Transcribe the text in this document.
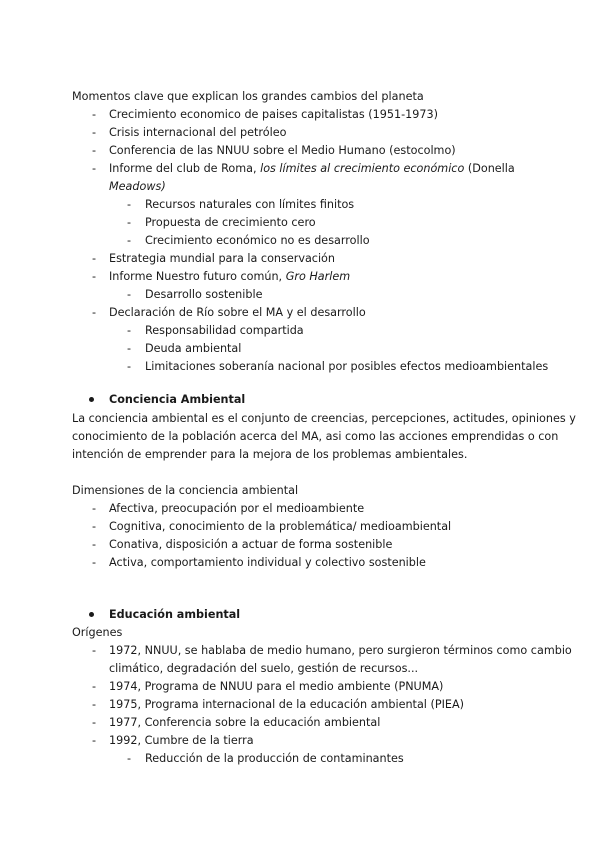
Momentos clave que explican los grandes cambios del planeta
- Crecimiento economico de paises capitalistas (1951-1973)
- Crisis internacional del petróleo
- Conferencia de las NNUU sobre el Medio Humano (estocolmo)
- Informe del club de Roma, los límites al crecimiento económico (Donella
Meadows)
- Recursos naturales con límites finitos
- Propuesta de crecimiento cero
- Crecimiento económico no es desarrollo
- Estrategia mundial para la conservación
- Informe Nuestro futuro común, Gro Harlem
- Desarrollo sostenible
- Declaración de Río sobre el MA y el desarrollo
- Responsabilidad compartida
- Deuda ambiental
- Limitaciones soberanía nacional por posibles efectos medioambientales
Conciencia Ambiental
La conciencia ambiental es el conjunto de creencias, percepciones, actitudes, opiniones y
conocimiento de la población acerca del MA, asi como las acciones emprendidas o con
intención de emprender para la mejora de los problemas ambientales.
Dimensiones de la conciencia ambiental
- Afectiva, preocupación por el medioambiente
- Cognitiva, conocimiento de la problemática/ medioambiental
- Conativa, disposición a actuar de forma sostenible
- Activa, comportamiento individual y colectivo sostenible
Educación ambiental
Orígenes
- 1972, NNUU, se hablaba de medio humano, pero surgieron términos como cambio
climático, degradación del suelo, gestión de recursos...
- 1974, Programa de NNUU para el medio ambiente (PNUMA)
- 1975, Programa internacional de la educación ambiental (PIEA)
- 1977, Conferencia sobre la educación ambiental
- 1992, Cumbre de la tierra
- Reducción de la producción de contaminantes
